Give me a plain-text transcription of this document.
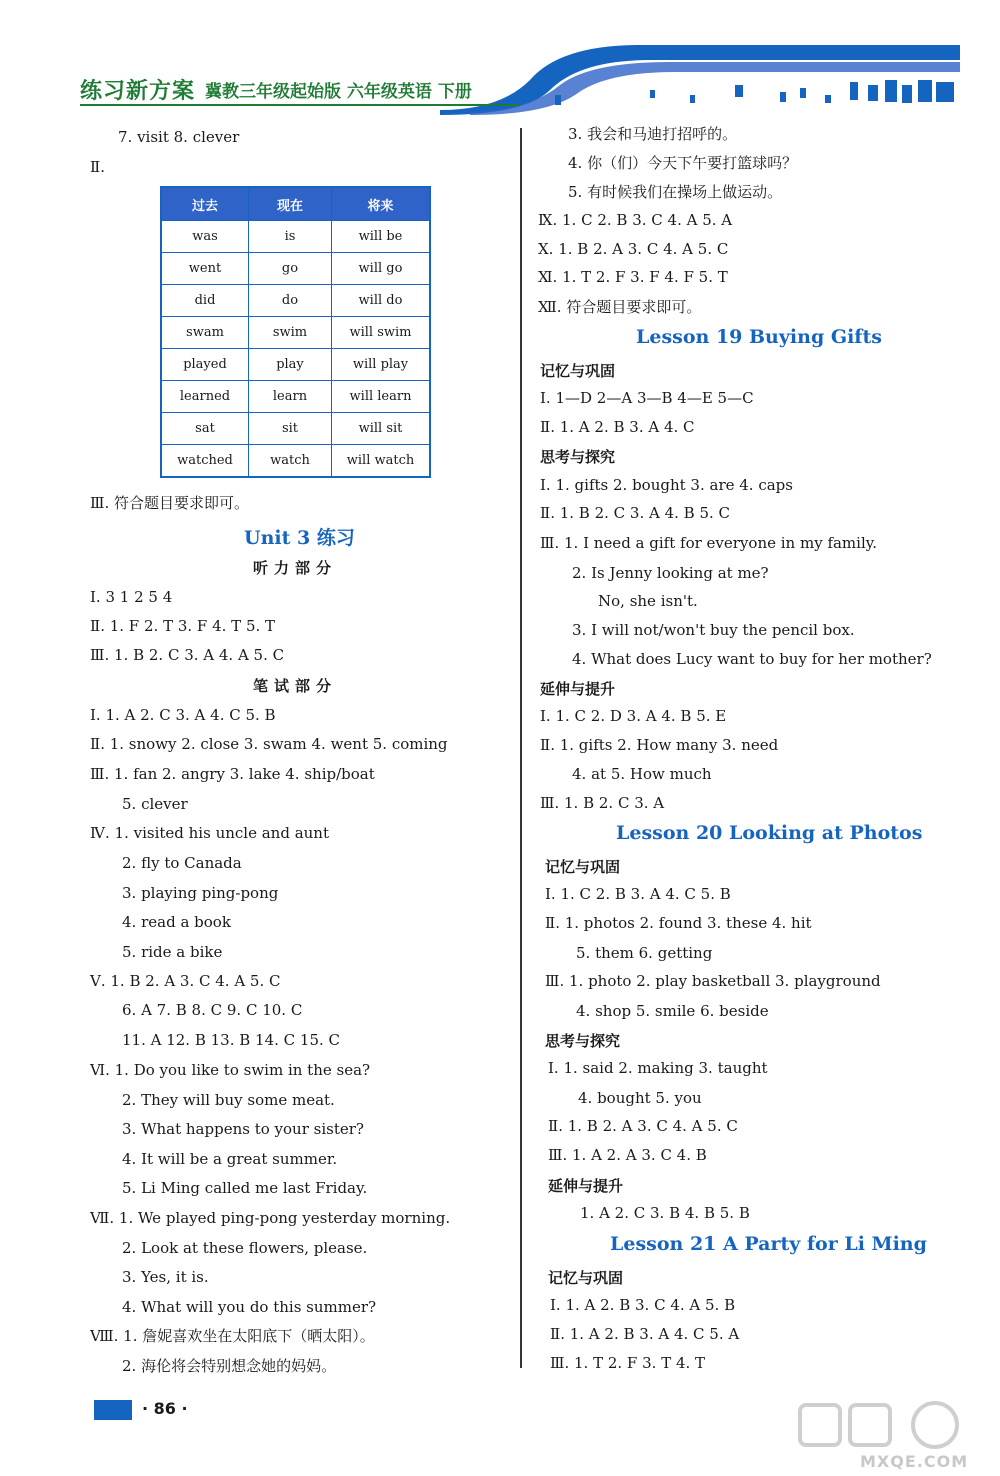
练习新方案 冀教三年级起始版 六年级英语 下册
7. visit 8. clever
Ⅱ.
过去	现在	将来
was	is	will be
went	go	will go
did	do	will do
swam	swim	will swim
played	play	will play
learned	learn	will learn
sat	sit	will sit
watched	watch	will watch
Ⅲ. 符合题目要求即可。
Unit 3 练习
听力部分
Ⅰ. 3 1 2 5 4
Ⅱ. 1. F 2. T 3. F 4. T 5. T
Ⅲ. 1. B 2. C 3. A 4. A 5. C
笔试部分
Ⅰ. 1. A 2. C 3. A 4. C 5. B
Ⅱ. 1. snowy 2. close 3. swam 4. went 5. coming
Ⅲ. 1. fan 2. angry 3. lake 4. ship/boat
5. clever
Ⅳ. 1. visited his uncle and aunt
2. fly to Canada
3. playing ping-pong
4. read a book
5. ride a bike
Ⅴ. 1. B 2. A 3. C 4. A 5. C
6. A 7. B 8. C 9. C 10. C
11. A 12. B 13. B 14. C 15. C
Ⅵ. 1. Do you like to swim in the sea?
2. They will buy some meat.
3. What happens to your sister?
4. It will be a great summer.
5. Li Ming called me last Friday.
Ⅶ. 1. We played ping-pong yesterday morning.
2. Look at these flowers, please.
3. Yes, it is.
4. What will you do this summer?
Ⅷ. 1. 詹妮喜欢坐在太阳底下（晒太阳）。
2. 海伦将会特别想念她的妈妈。
3. 我会和马迪打招呼的。
4. 你（们）今天下午要打篮球吗？
5. 有时候我们在操场上做运动。
Ⅸ. 1. C 2. B 3. C 4. A 5. A
Ⅹ. 1. B 2. A 3. C 4. A 5. C
Ⅺ. 1. T 2. F 3. F 4. F 5. T
Ⅻ. 符合题目要求即可。
Lesson 19 Buying Gifts
记忆与巩固
Ⅰ. 1—D 2—A 3—B 4—E 5—C
Ⅱ. 1. A 2. B 3. A 4. C
思考与探究
Ⅰ. 1. gifts 2. bought 3. are 4. caps
Ⅱ. 1. B 2. C 3. A 4. B 5. C
Ⅲ. 1. I need a gift for everyone in my family.
2. Is Jenny looking at me?
No, she isn't.
3. I will not/won't buy the pencil box.
4. What does Lucy want to buy for her mother?
延伸与提升
Ⅰ. 1. C 2. D 3. A 4. B 5. E
Ⅱ. 1. gifts 2. How many 3. need
4. at 5. How much
Ⅲ. 1. B 2. C 3. A
Lesson 20 Looking at Photos
记忆与巩固
Ⅰ. 1. C 2. B 3. A 4. C 5. B
Ⅱ. 1. photos 2. found 3. these 4. hit
5. them 6. getting
Ⅲ. 1. photo 2. play basketball 3. playground
4. shop 5. smile 6. beside
思考与探究
Ⅰ. 1. said 2. making 3. taught
4. bought 5. you
Ⅱ. 1. B 2. A 3. C 4. A 5. C
Ⅲ. 1. A 2. A 3. C 4. B
延伸与提升
1. A 2. C 3. B 4. B 5. B
Lesson 21 A Party for Li Ming
记忆与巩固
Ⅰ. 1. A 2. B 3. C 4. A 5. B
Ⅱ. 1. A 2. B 3. A 4. C 5. A
Ⅲ. 1. T 2. F 3. T 4. T
· 86 ·
MXQE.COM
